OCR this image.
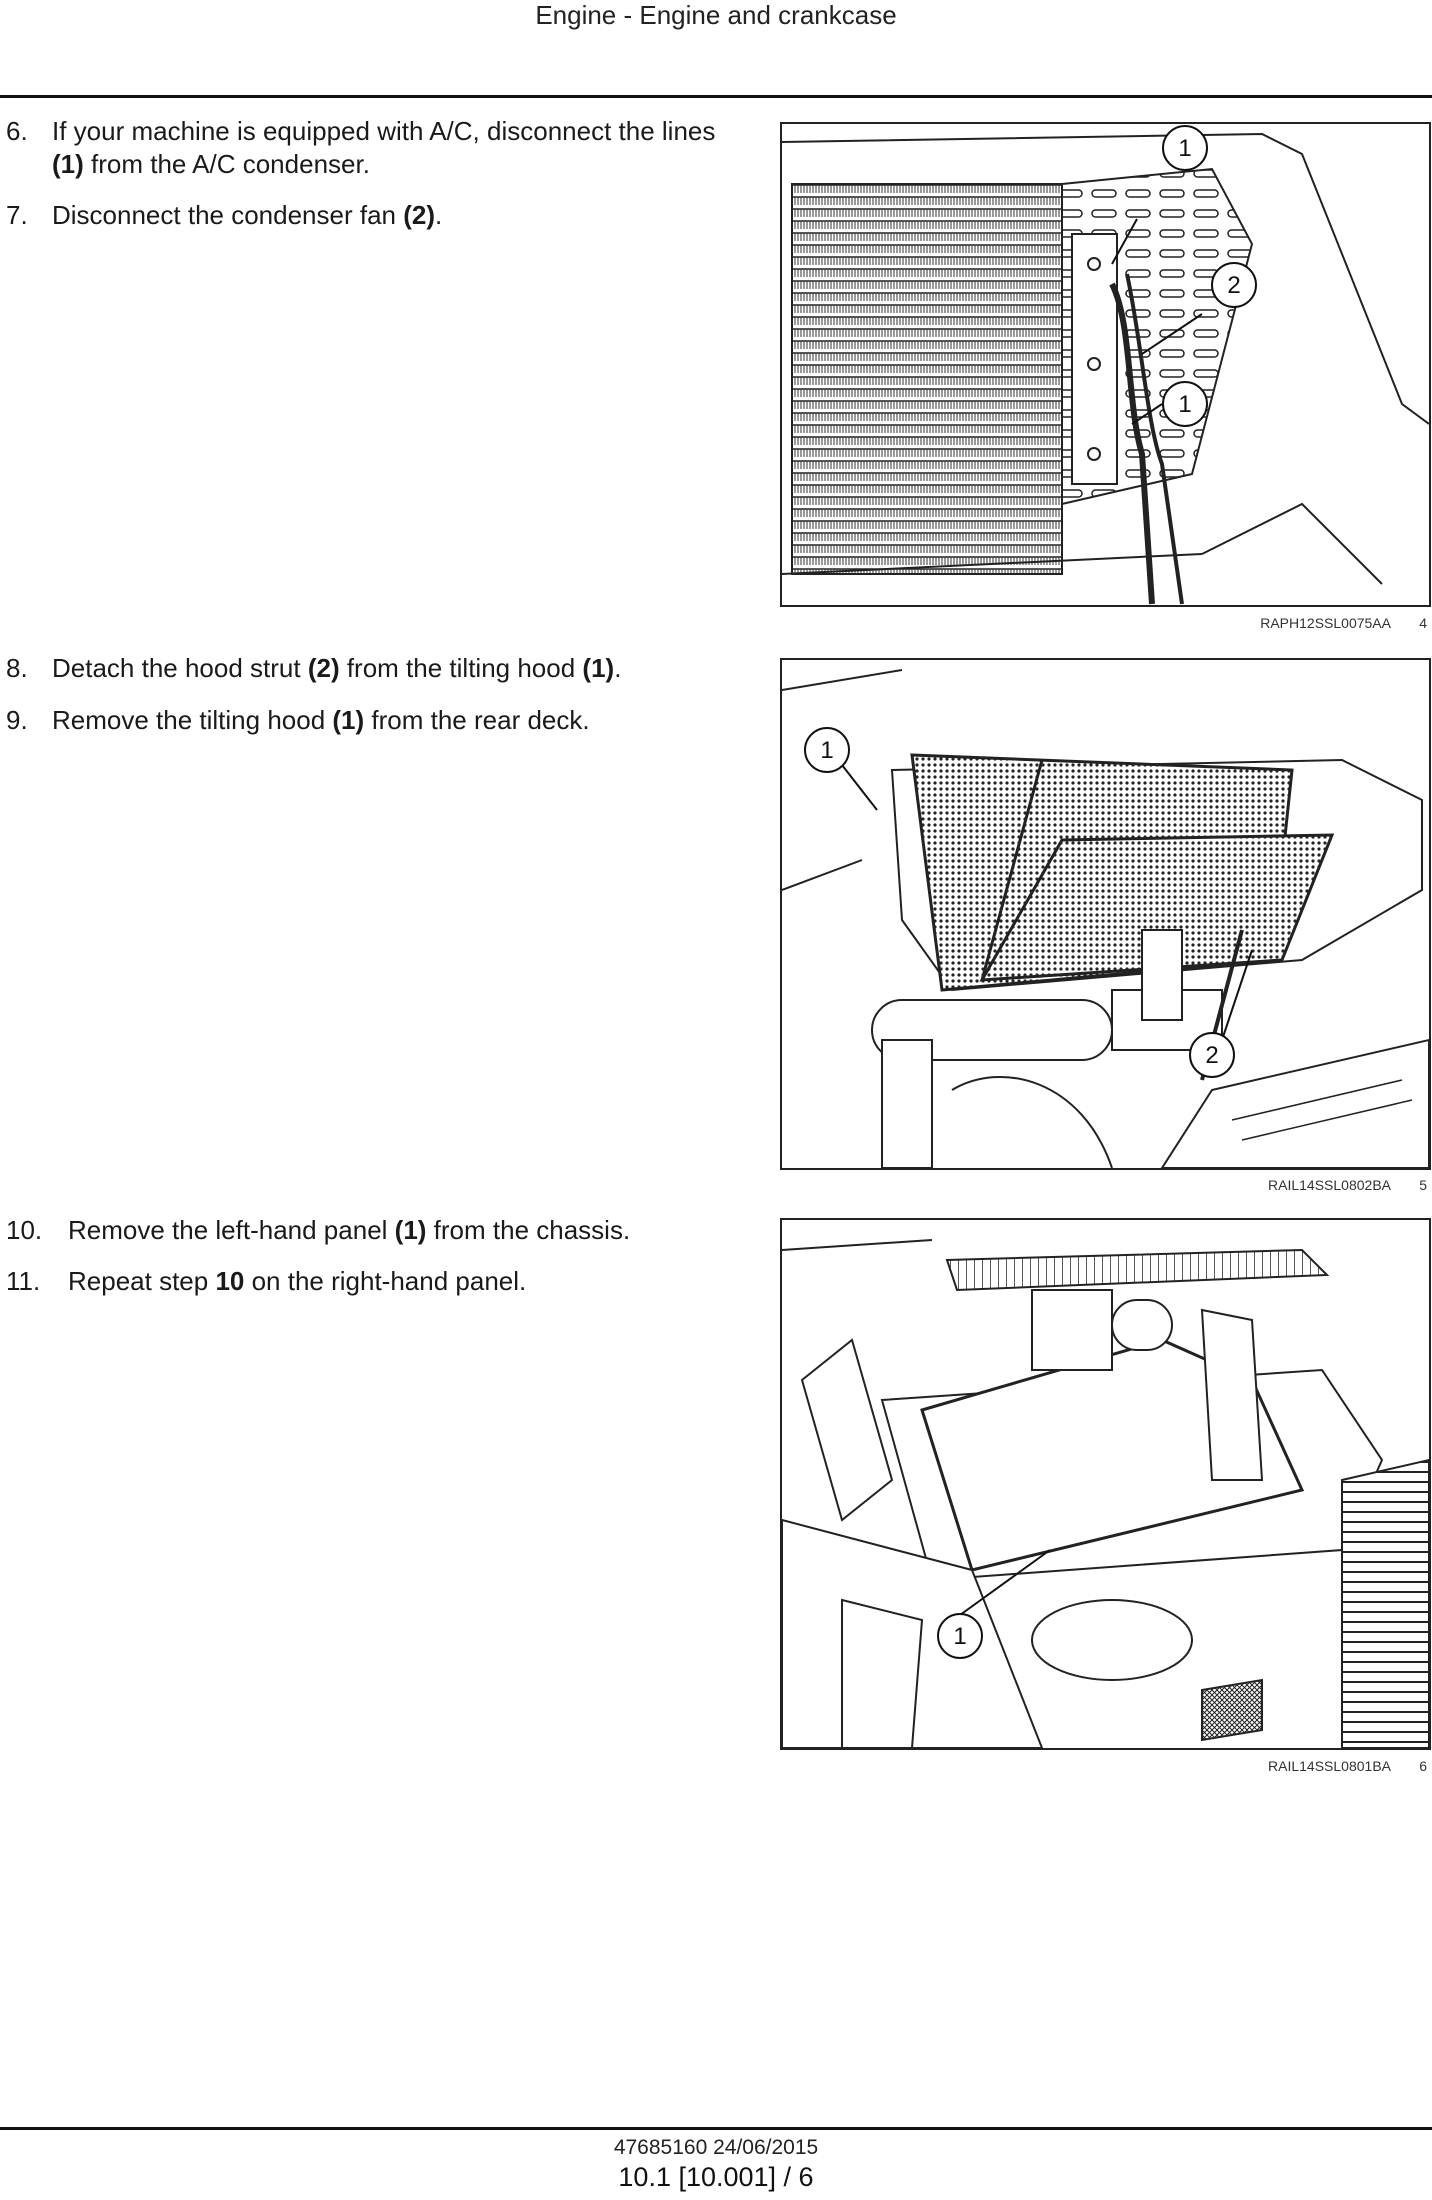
Engine - Engine and crankcase
6. If your machine is equipped with A/C, disconnect the lines (1) from the A/C condenser.
7. Disconnect the condenser fan (2).
8. Detach the hood strut (2) from the tilting hood (1).
9. Remove the tilting hood (1) from the rear deck.
10. Remove the left-hand panel (1) from the chassis.
11.	Repeat step 10 on the right-hand panel.
1
2
1
RAPH12SSL0075AA 4
1
2
RAIL14SSL0802BA 5
1
RAIL14SSL0801BA 6
47685160 24/06/2015
10.1 [10.001] / 6
